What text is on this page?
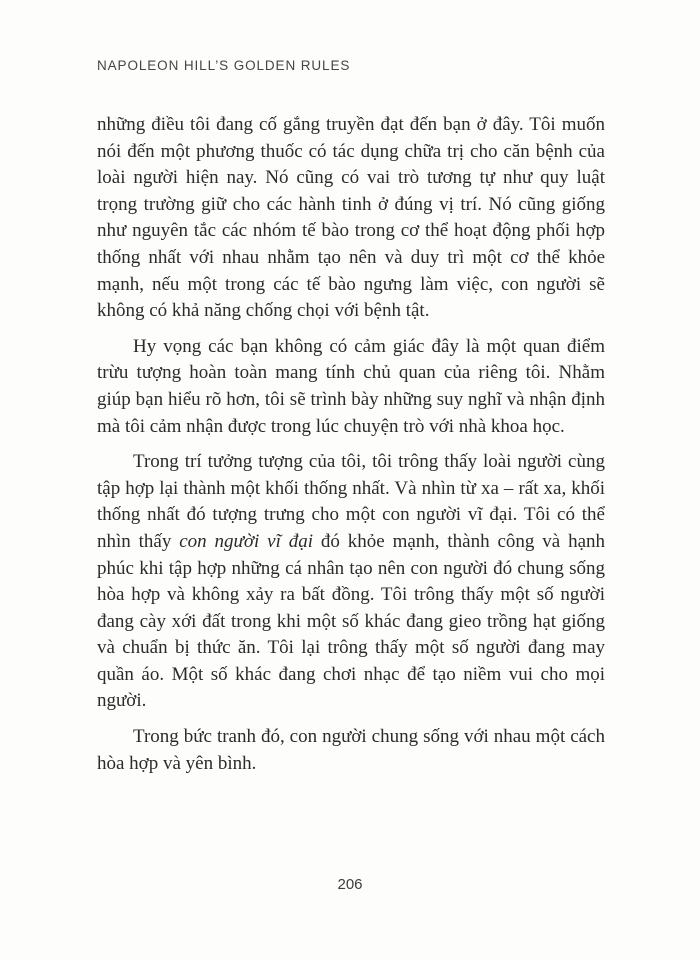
NAPOLEON HILL’S GOLDEN RULES

những điều tôi đang cố gắng truyền đạt đến bạn ở đây. Tôi muốn nói đến một phương thuốc có tác dụng chữa trị cho căn bệnh của loài người hiện nay. Nó cũng có vai trò tương tự như quy luật trọng trường giữ cho các hành tinh ở đúng vị trí. Nó cũng giống như nguyên tắc các nhóm tế bào trong cơ thể hoạt động phối hợp thống nhất với nhau nhằm tạo nên và duy trì một cơ thể khỏe mạnh, nếu một trong các tế bào ngưng làm việc, con người sẽ không có khả năng chống chọi với bệnh tật.

Hy vọng các bạn không có cảm giác đây là một quan điểm trừu tượng hoàn toàn mang tính chủ quan của riêng tôi. Nhằm giúp bạn hiểu rõ hơn, tôi sẽ trình bày những suy nghĩ và nhận định mà tôi cảm nhận được trong lúc chuyện trò với nhà khoa học.

Trong trí tưởng tượng của tôi, tôi trông thấy loài người cùng tập hợp lại thành một khối thống nhất. Và nhìn từ xa – rất xa, khối thống nhất đó tượng trưng cho một con người vĩ đại. Tôi có thể nhìn thấy con người vĩ đại đó khỏe mạnh, thành công và hạnh phúc khi tập hợp những cá nhân tạo nên con người đó chung sống hòa hợp và không xảy ra bất đồng. Tôi trông thấy một số người đang cày xới đất trong khi một số khác đang gieo trồng hạt giống và chuẩn bị thức ăn. Tôi lại trông thấy một số người đang may quần áo. Một số khác đang chơi nhạc để tạo niềm vui cho mọi người.

Trong bức tranh đó, con người chung sống với nhau một cách hòa hợp và yên bình.

206
